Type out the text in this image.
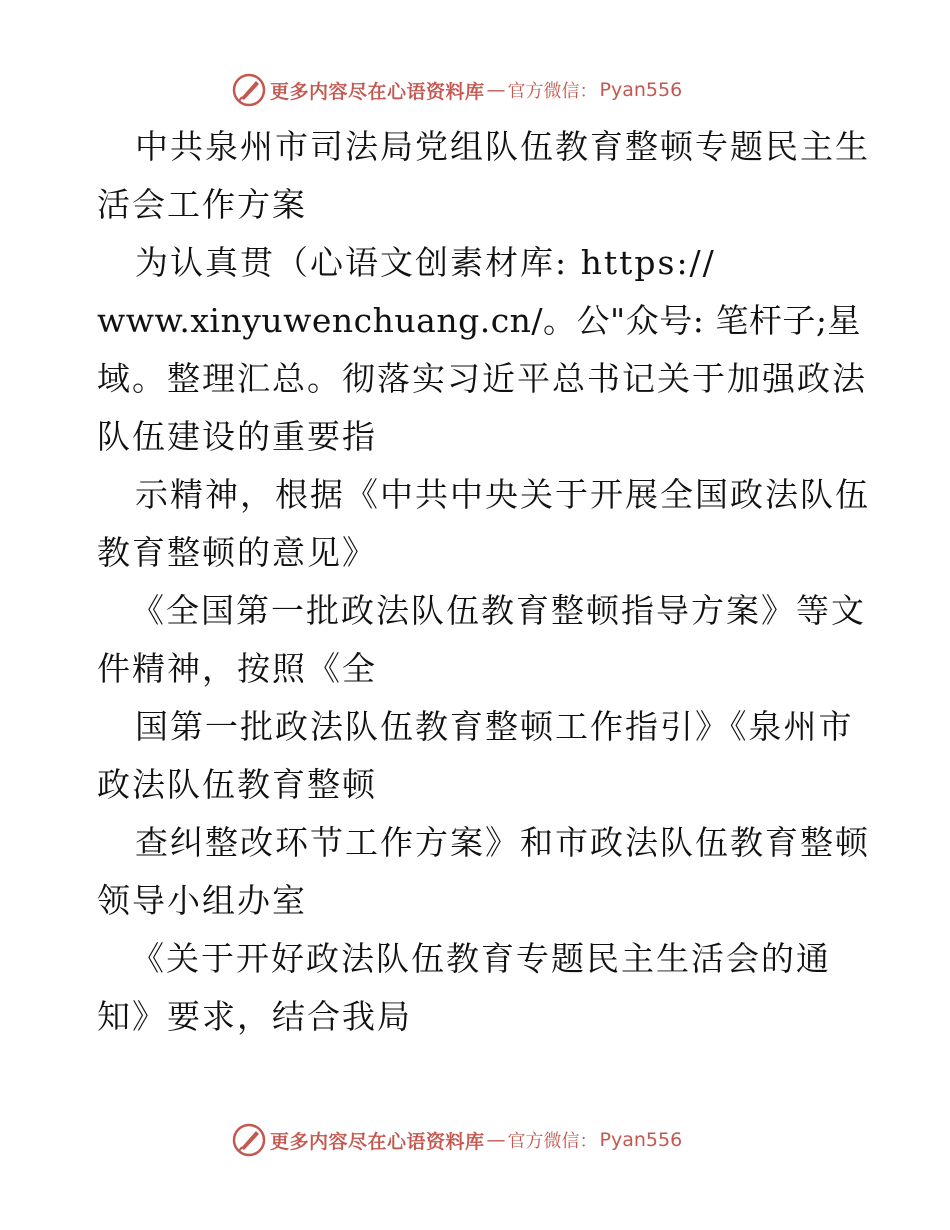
更多内容尽在心语资料库 — 官方微信： Pyan556
中共泉州市司法局党组队伍教育整顿专题民主生
活会工作方案
为认真贯（心语文创素材库: https://
www.xinyuwenchuang.cn/。公"众号: 笔杆子;星
域。整理汇总。彻落实习近平总书记关于加强政法
队伍建设的重要指
示精神，根据《中共中央关于开展全国政法队伍
教育整顿的意见》
《全国第一批政法队伍教育整顿指导方案》等文
件精神，按照《全
国第一批政法队伍教育整顿工作指引》《泉州市
政法队伍教育整顿
查纠整改环节工作方案》和市政法队伍教育整顿
领导小组办室
《关于开好政法队伍教育专题民主生活会的通
知》要求，结合我局
更多内容尽在心语资料库 — 官方微信： Pyan556
